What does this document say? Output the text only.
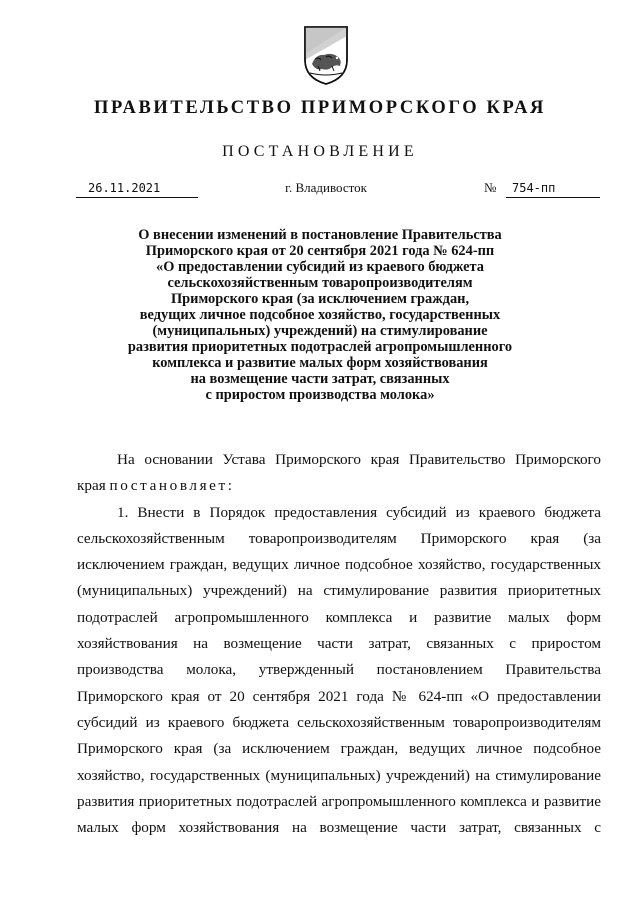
ПРАВИТЕЛЬСТВО ПРИМОРСКОГО КРАЯ
ПОСТАНОВЛЕНИЕ
26.11.2021	г. Владивосток	№	754-пп
О внесении изменений в постановление Правительства
Приморского края от 20 сентября 2021 года № 624-пп
«О предоставлении субсидий из краевого бюджета
сельскохозяйственным товаропроизводителям
Приморского края (за исключением граждан,
ведущих личное подсобное хозяйство, государственных
(муниципальных) учреждений) на стимулирование
развития приоритетных подотраслей агропромышленного
комплекса и развитие малых форм хозяйствования
на возмещение части затрат, связанных
с приростом производства молока»
На основании Устава Приморского края Правительство Приморского
края постановляет:
1. Внести в Порядок предоставления субсидий из краевого бюджета
сельскохозяйственным товаропроизводителям Приморского края (за
исключением граждан, ведущих личное подсобное хозяйство, государственных
(муниципальных) учреждений) на стимулирование развития приоритетных
подотраслей агропромышленного комплекса и развитие малых форм
хозяйствования на возмещение части затрат, связанных с приростом
производства молока, утвержденный постановлением Правительства
Приморского края от 20 сентября 2021 года № 624-пп «О предоставлении
субсидий из краевого бюджета сельскохозяйственным товаропроизводителям
Приморского края (за исключением граждан, ведущих личное подсобное
хозяйство, государственных (муниципальных) учреждений) на стимулирование
развития приоритетных подотраслей агропромышленного комплекса и развитие
малых форм хозяйствования на возмещение части затрат, связанных с
